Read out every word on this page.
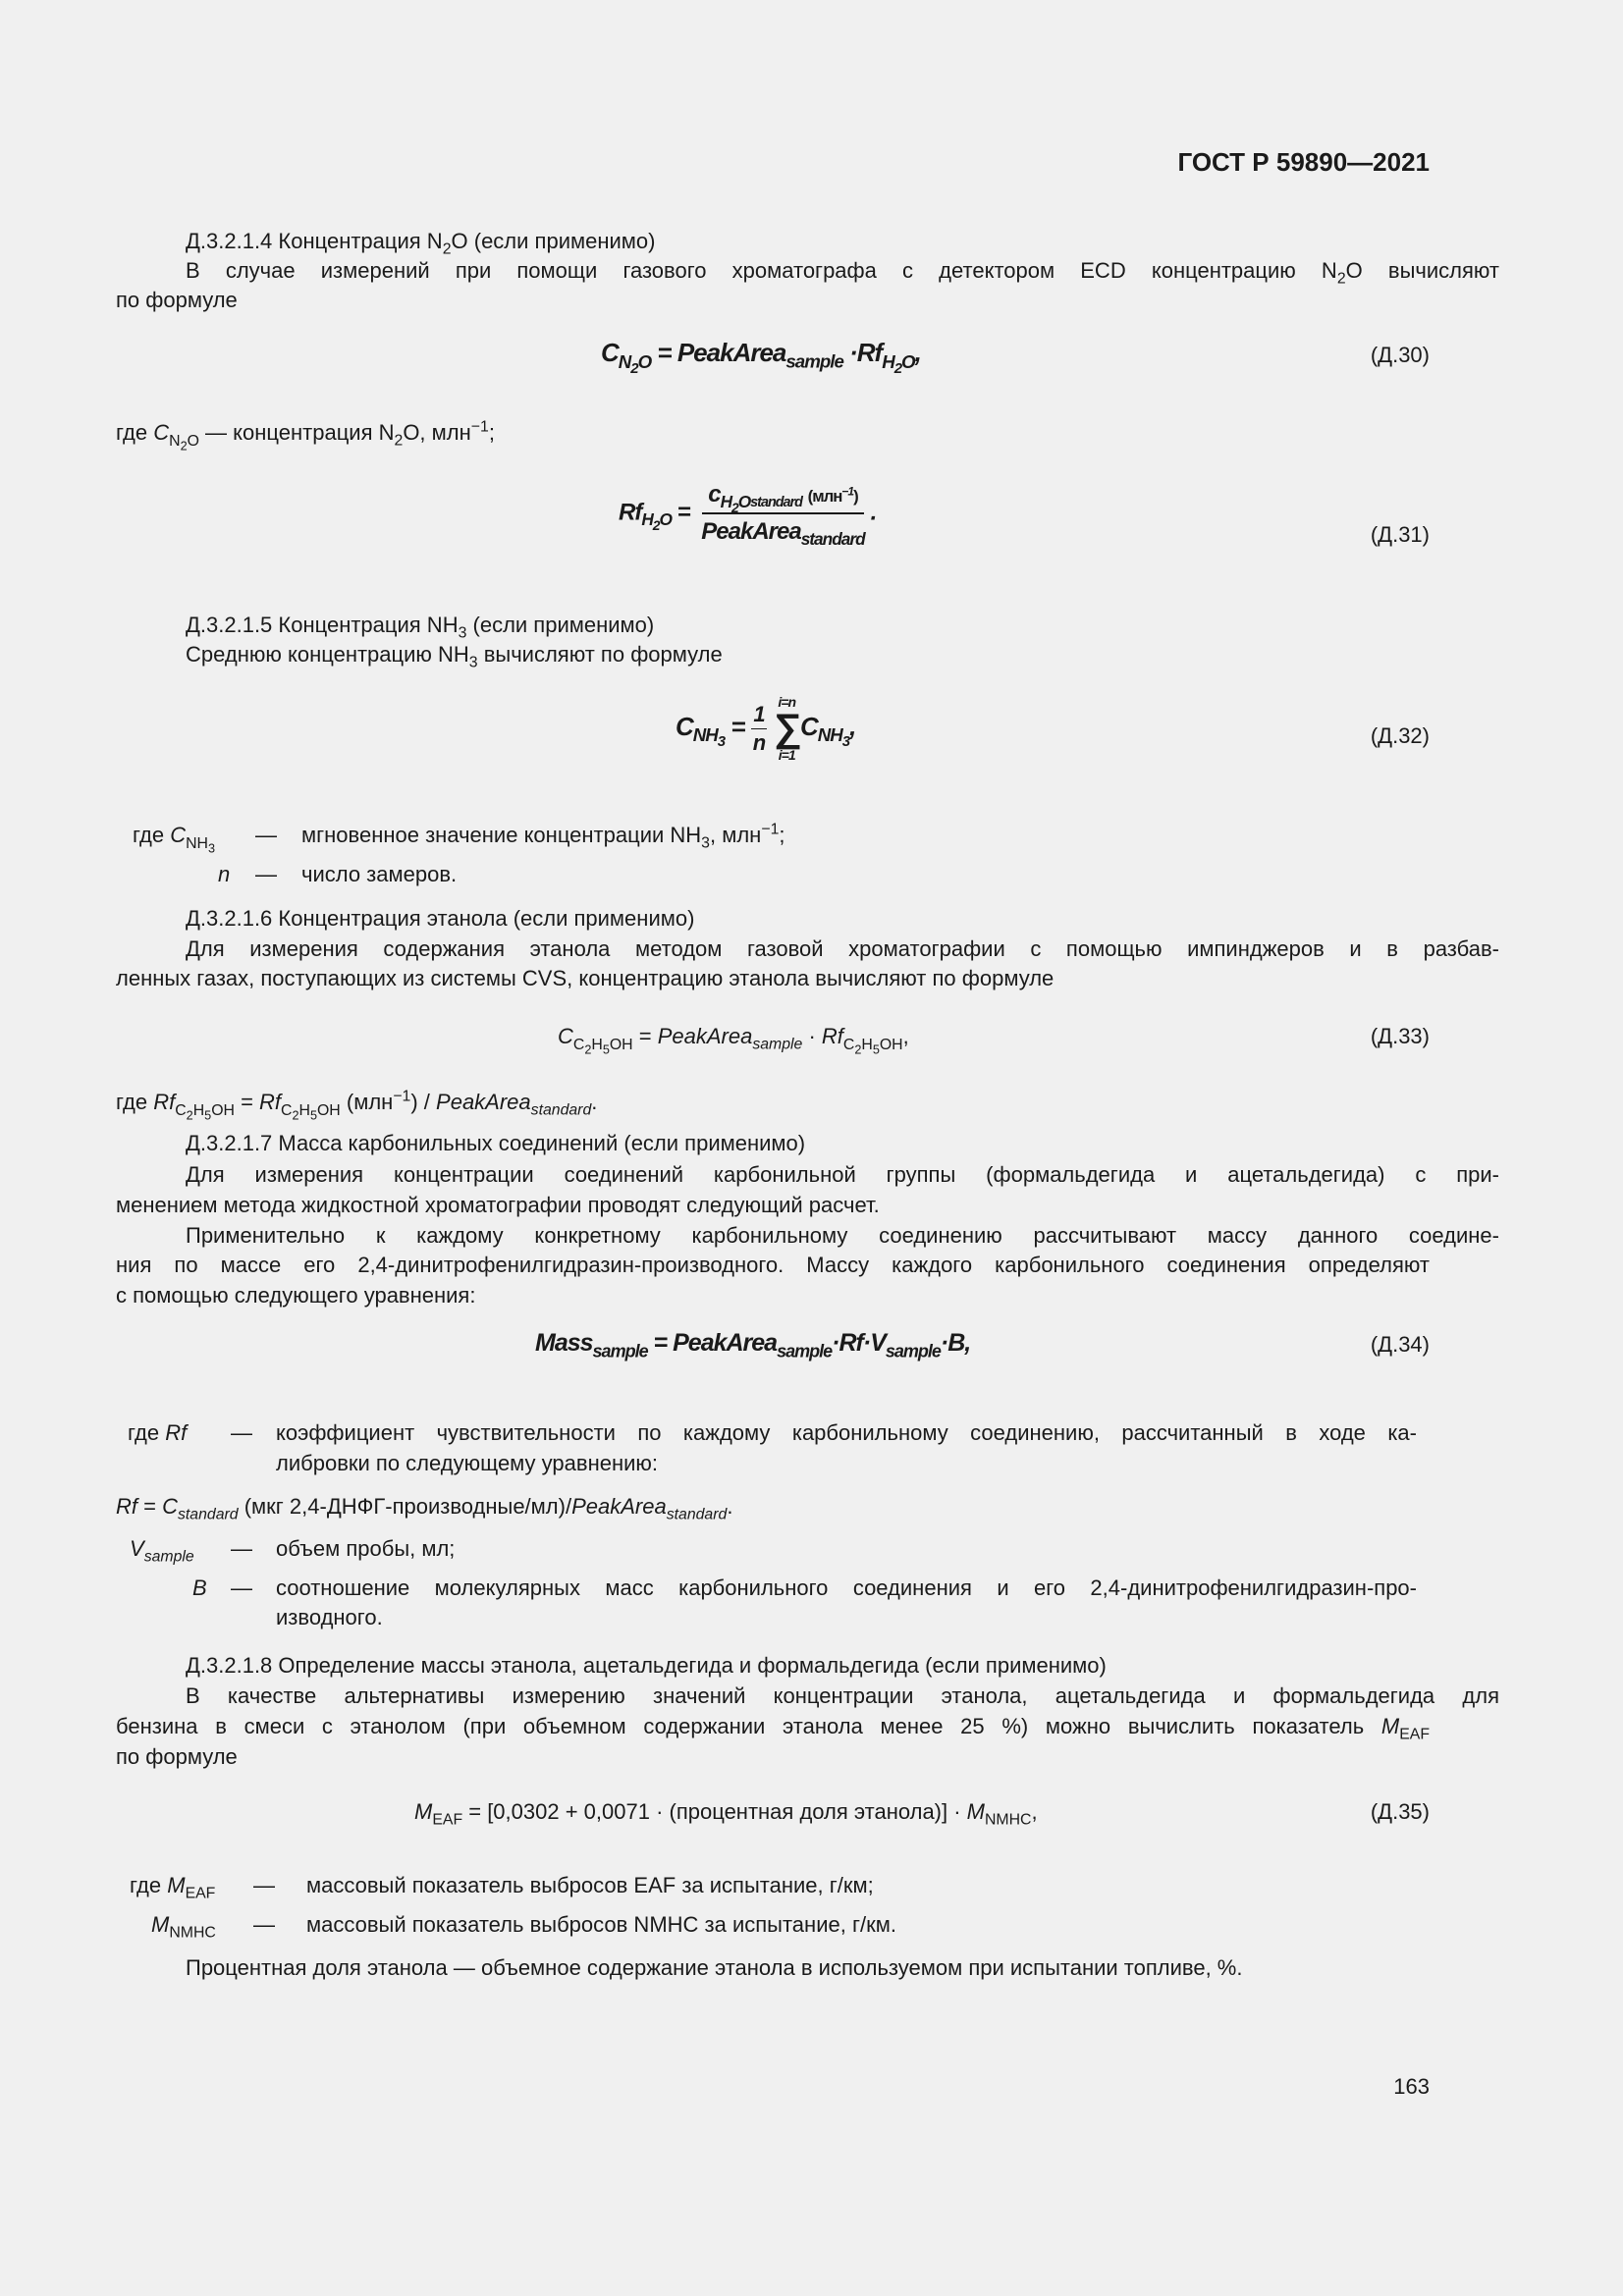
ГОСТ Р 59890—2021
Д.3.2.1.4 Концентрация $N_2O$ (если применимо)
В случае измерений при помощи газового хроматографа с детектором ECD концентрацию $N_2O$ вычисляют
по формуле
$C_{N_2O}$ = PeakArea$_{sample}$ $\cdot Rf_{H_2O}$,	(Д.30)
где $C_{N_2O}$ — концентрация $N_2O$, млн$^{-1}$;
$Rf_{H_2O} = \frac{c_{H_2Ostandard} (млн^{-1})}{PeakArea_{standard}}$ .
(Д.31)
Д.3.2.1.5 Концентрация $NH_3$ (если применимо)
Среднюю концентрацию $NH_3$ вычисляют по формуле
$C_{NH_3} = \frac{1}{n}$
i=n
∑
i=1
$C_{NH_3}$,	(Д.32)
где $C_{NH_3}$
— мгновенное значение концентрации $NH_3$, млн$^{-1}$;
n — число замеров.
Д.3.2.1.6 Концентрация этанола (если применимо)
Для измерения содержания этанола методом газовой хроматографии с помощью импинджеров и в разбав-
ленных газах, поступающих из системы CVS, концентрацию этанола вычисляют по формуле
$C_{C_2H_5OH}$ = PeakArea$_{sample}$ · $Rf_{C_2H_5OH}$,	(Д.33)
где $Rf_{C_2H_5OH} = Rf_{C_2H_5OH}$ (млн$^{-1}$) / PeakArea$_{standard}$.
Д.3.2.1.7 Масса карбонильных соединений (если применимо)
Для измерения концентрации соединений карбонильной группы (формальдегида и ацетальдегида) с при-
менением метода жидкостной хроматографии проводят следующий расчет.
Применительно к каждому конкретному карбонильному соединению рассчитывают массу данного соедине-
ния по массе его 2,4-динитрофенилгидразин-производного. Массу каждого карбонильного соединения определяют
с помощью следующего уравнения:
Mass$_{sample}$ = $PeakArea_{sample}\cdot Rf\cdot V_{sample}\cdot B$,	(Д.34)
где Rf — коэффициент чувствительности по каждому карбонильному соединению, рассчитанный в ходе ка-
либровки по следующему уравнению:
$Rf = C_{standard}$ (мкг 2,4-ДНФГ-производные/мл)/PeakArea$_{standard}$.
$V_{sample}$ — объем пробы, мл;
B — соотношение молекулярных масс карбонильного соединения и его 2,4-динитрофенилгидразин-про-
изводного.
Д.3.2.1.8 Определение массы этанола, ацетальдегида и формальдегида (если применимо)
В качестве альтернативы измерению значений концентрации этанола, ацетальдегида и формальдегида для
бензина в смеси с этанолом (при объемном содержании этанола менее 25 %) можно вычислить показатель $M_{EAF}$
по формуле
$M_{EAF} = [0,0302 + 0,0071$ · (процентная доля этанола)] · $M_{NMHC}$,	(Д.35)
где $M_{EAF}$ — массовый показатель выбросов EAF за испытание, г/км;
$M_{NMHC}$ — массовый показатель выбросов NMHC за испытание, г/км.
Процентная доля этанола — объемное содержание этанола в используемом при испытании топливе, %.
163
